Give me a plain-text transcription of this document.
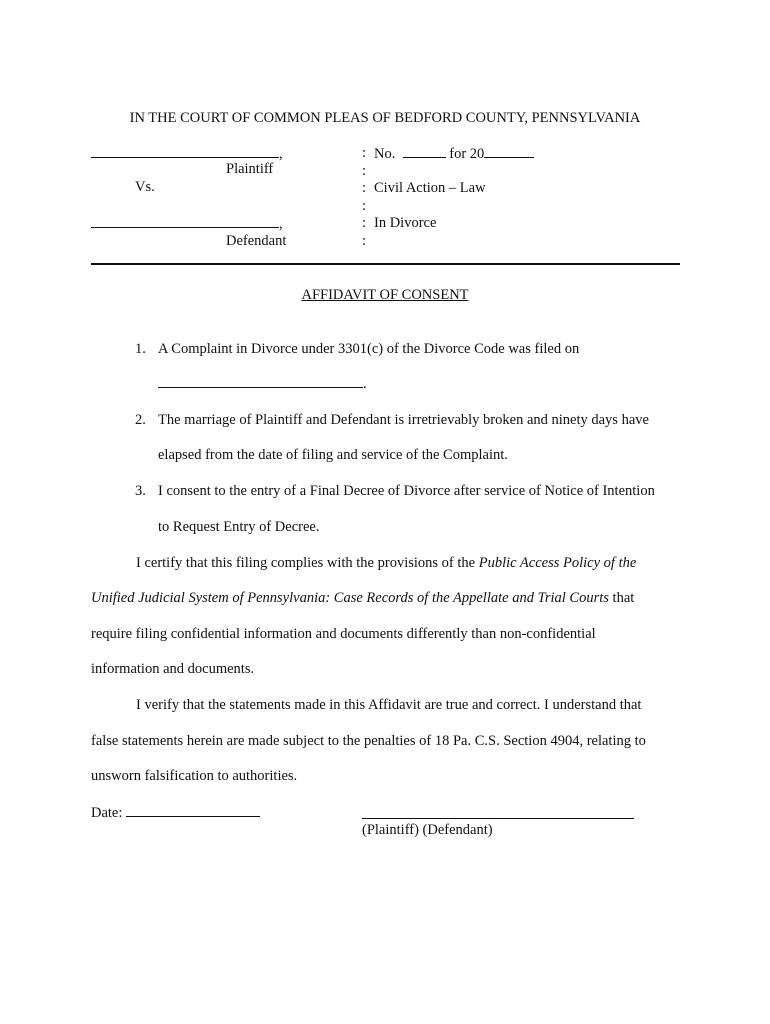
IN THE COURT OF COMMON PLEAS OF BEDFORD COUNTY, PENNSYLVANIA
,
Plaintiff
Vs.
,
Defendant
:
:
:
:
:
:
No.	for 20
Civil Action – Law
In Divorce
AFFIDAVIT OF CONSENT
1. A Complaint in Divorce under 3301(c) of the Divorce Code was filed on
.
2. The marriage of Plaintiff and Defendant is irretrievably broken and ninety days have
elapsed from the date of filing and service of the Complaint.
3. I consent to the entry of a Final Decree of Divorce after service of Notice of Intention
to Request Entry of Decree.
I certify that this filing complies with the provisions of the Public Access Policy of the
Unified Judicial System of Pennsylvania: Case Records of the Appellate and Trial Courts that
require filing confidential information and documents differently than non-confidential
information and documents.
I verify that the statements made in this Affidavit are true and correct. I understand that
false statements herein are made subject to the penalties of 18 Pa. C.S. Section 4904, relating to
unsworn falsification to authorities.
Date:
(Plaintiff) (Defendant)
